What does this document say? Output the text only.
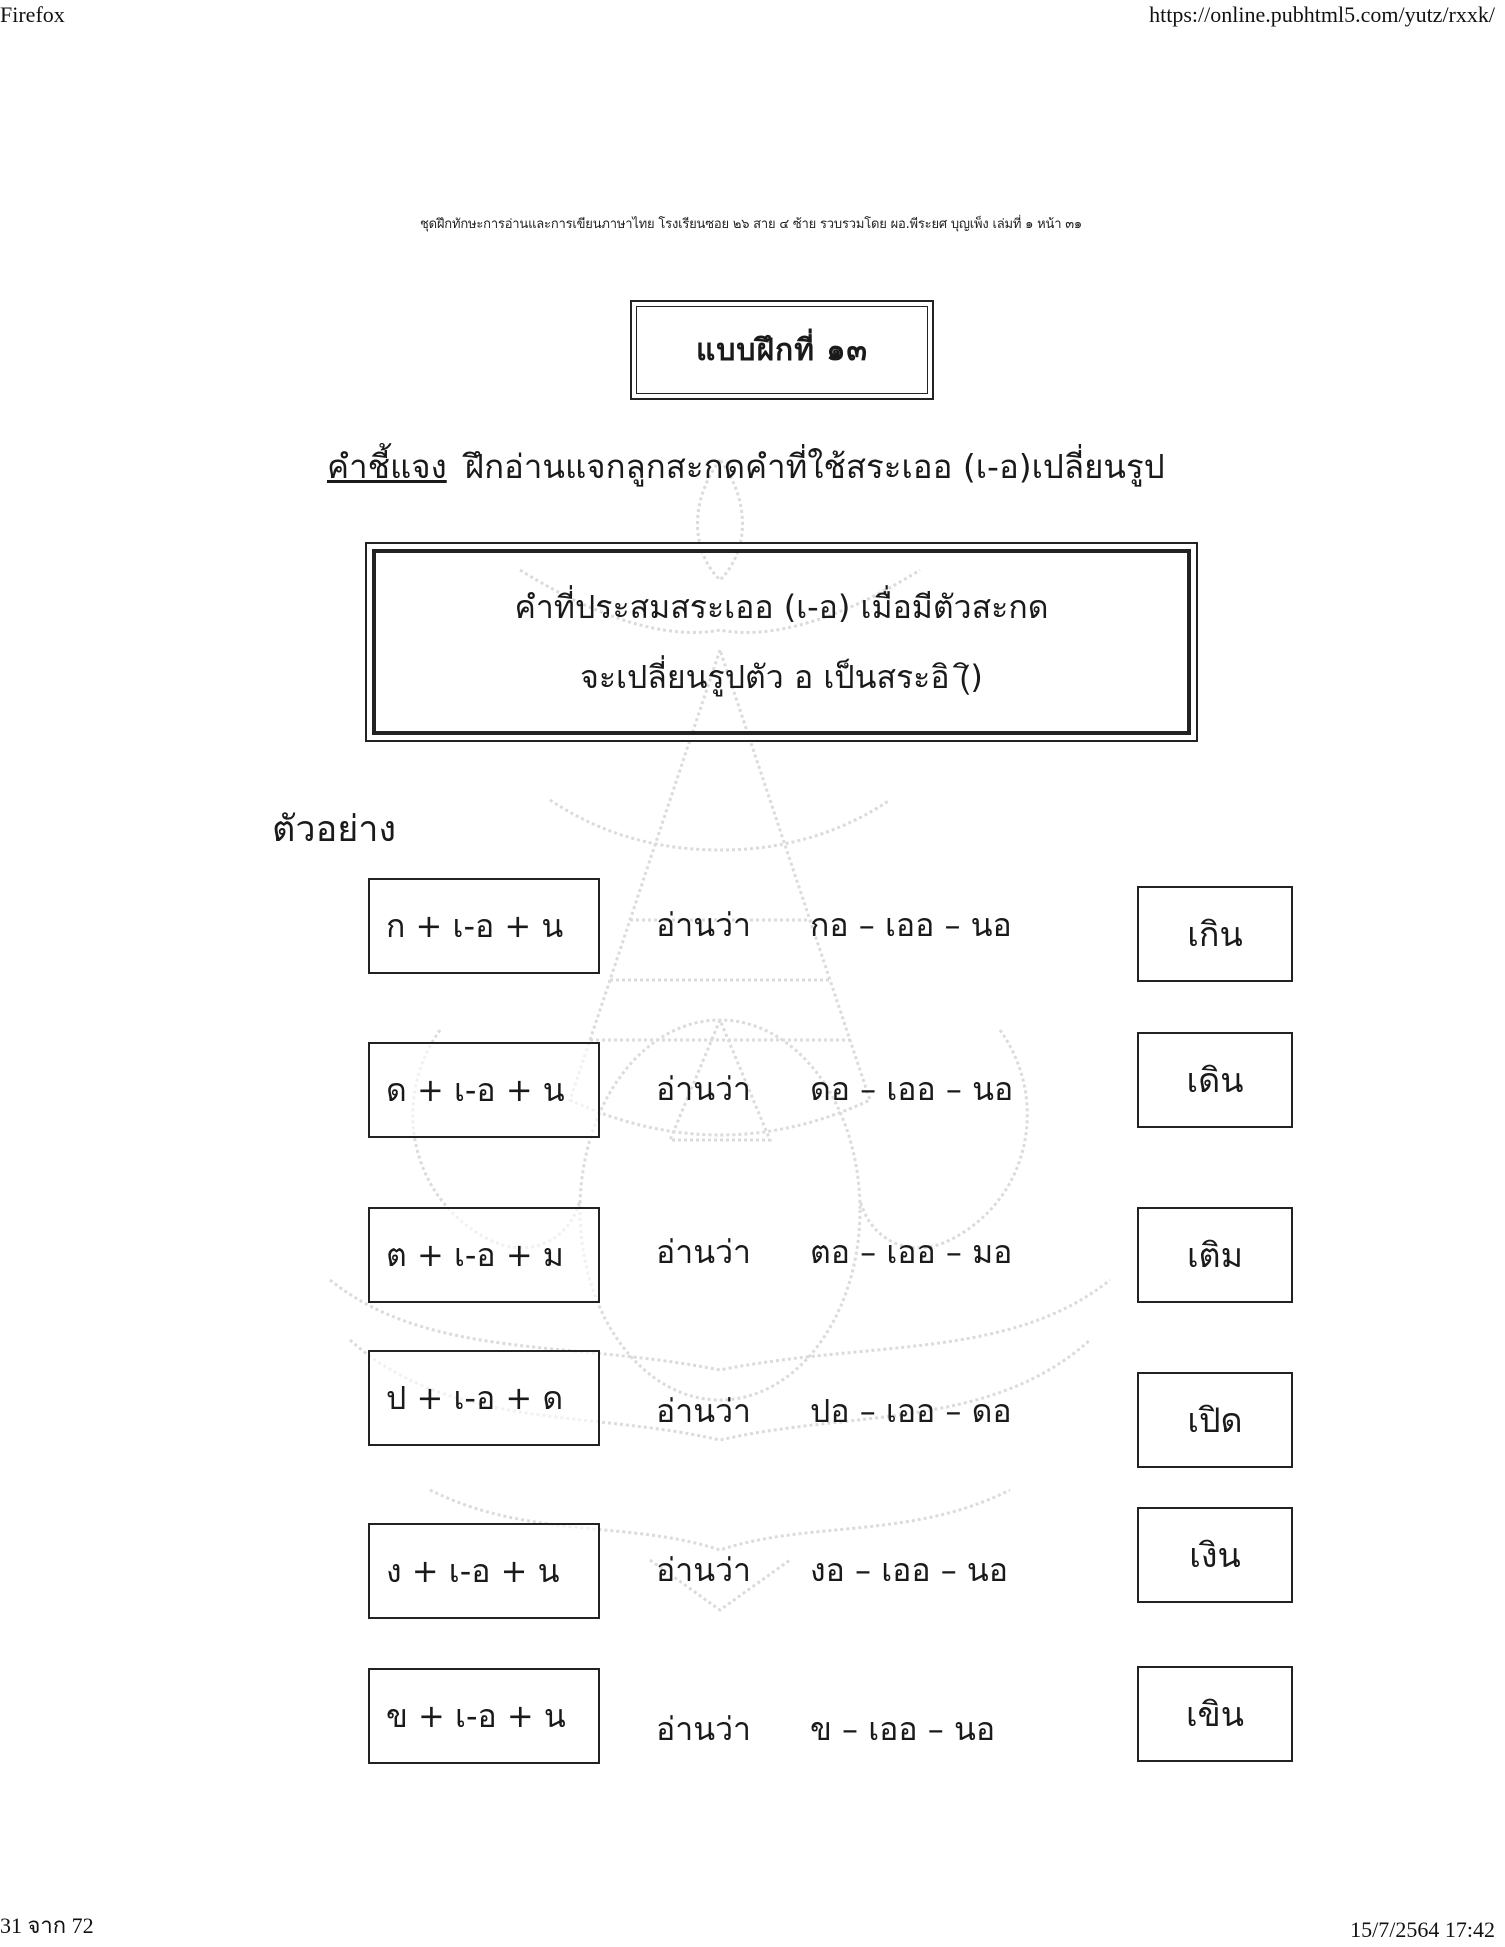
Firefox	https://online.pubhtml5.com/yutz/rxxk/
ชุดฝึกทักษะการอ่านและการเขียนภาษาไทย โรงเรียนซอย ๒๖ สาย ๔ ซ้าย รวบรวมโดย ผอ.พีระยศ บุญเพ็ง เล่มที่ ๑ หน้า ๓๑
แบบฝึกที่ ๑๓
คำชี้แจง ฝึกอ่านแจกลูกสะกดคำที่ใช้สระเออ (เ-อ)เปลี่ยนรูป
คำที่ประสมสระเออ (เ-อ) เมื่อมีตัวสะกด
จะเปลี่ยนรูปตัว อ เป็นสระอิ (ิ)
ตัวอย่าง
ก + เ-อ + น	อ่านว่า กอ – เออ – นอ	เกิน
ด + เ-อ + น	อ่านว่า ดอ – เออ – นอ	เดิน
ต + เ-อ + ม	อ่านว่า ตอ – เออ – มอ	เติม
ป + เ-อ + ด	อ่านว่า ปอ – เออ – ดอ	เปิด
ง + เ-อ + น	อ่านว่า งอ – เออ – นอ	เงิน
ข + เ-อ + น	อ่านว่า ข – เออ – นอ	เขิน
31 จาก 72	15/7/2564 17:42
